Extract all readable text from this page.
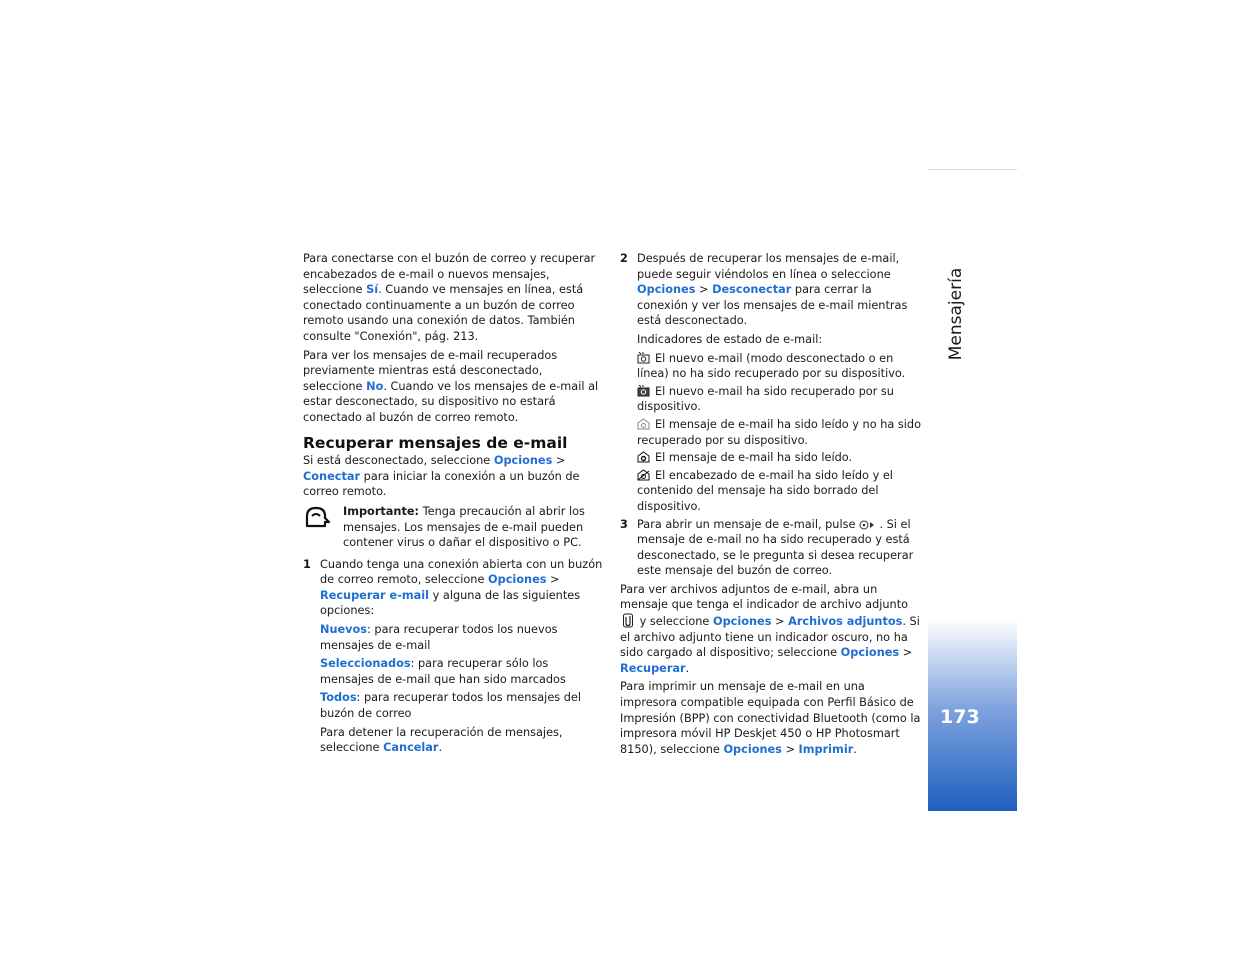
Para conectarse con el buzón de correo y recuperar encabezados de e-mail o nuevos mensajes, seleccione Sí. Cuando ve mensajes en línea, está conectado continuamente a un buzón de correo remoto usando una conexión de datos. También consulte "Conexión", pág. 213.

Para ver los mensajes de e-mail recuperados previamente mientras está desconectado, seleccione No. Cuando ve los mensajes de e-mail al estar desconectado, su dispositivo no estará conectado al buzón de correo remoto.

Recuperar mensajes de e-mail

Si está desconectado, seleccione Opciones > Conectar para iniciar la conexión a un buzón de correo remoto.

Importante: Tenga precaución al abrir los mensajes. Los mensajes de e-mail pueden contener virus o dañar el dispositivo o PC.
1 Cuando tenga una conexión abierta con un buzón de correo remoto, seleccione Opciones > Recuperar e-mail y alguna de las siguientes opciones:

Nuevos: para recuperar todos los nuevos mensajes de e-mail

Seleccionados: para recuperar sólo los mensajes de e-mail que han sido marcados

Todos: para recuperar todos los mensajes del buzón de correo

Para detener la recuperación de mensajes, seleccione Cancelar.

2 Después de recuperar los mensajes de e-mail, puede seguir viéndolos en línea o seleccione Opciones > Desconectar para cerrar la conexión y ver los mensajes de e-mail mientras está desconectado.

Indicadores de estado de e-mail:

El nuevo e-mail (modo desconectado o en línea) no ha sido recuperado por su dispositivo.

El nuevo e-mail ha sido recuperado por su dispositivo.

El mensaje de e-mail ha sido leído y no ha sido recuperado por su dispositivo.

El mensaje de e-mail ha sido leído.

El encabezado de e-mail ha sido leído y el contenido del mensaje ha sido borrado del dispositivo.

3 Para abrir un mensaje de e-mail, pulse . Si el mensaje de e-mail no ha sido recuperado y está desconectado, se le pregunta si desea recuperar este mensaje del buzón de correo.

Para ver archivos adjuntos de e-mail, abra un mensaje que tenga el indicador de archivo adjunto y seleccione Opciones > Archivos adjuntos. Si el archivo adjunto tiene un indicador oscuro, no ha sido cargado al dispositivo; seleccione Opciones > Recuperar.

Para imprimir un mensaje de e-mail en una impresora compatible equipada con Perfil Básico de Impresión (BPP) con conectividad Bluetooth (como la impresora móvil HP Deskjet 450 o HP Photosmart 8150), seleccione Opciones > Imprimir.

Mensajería
173
